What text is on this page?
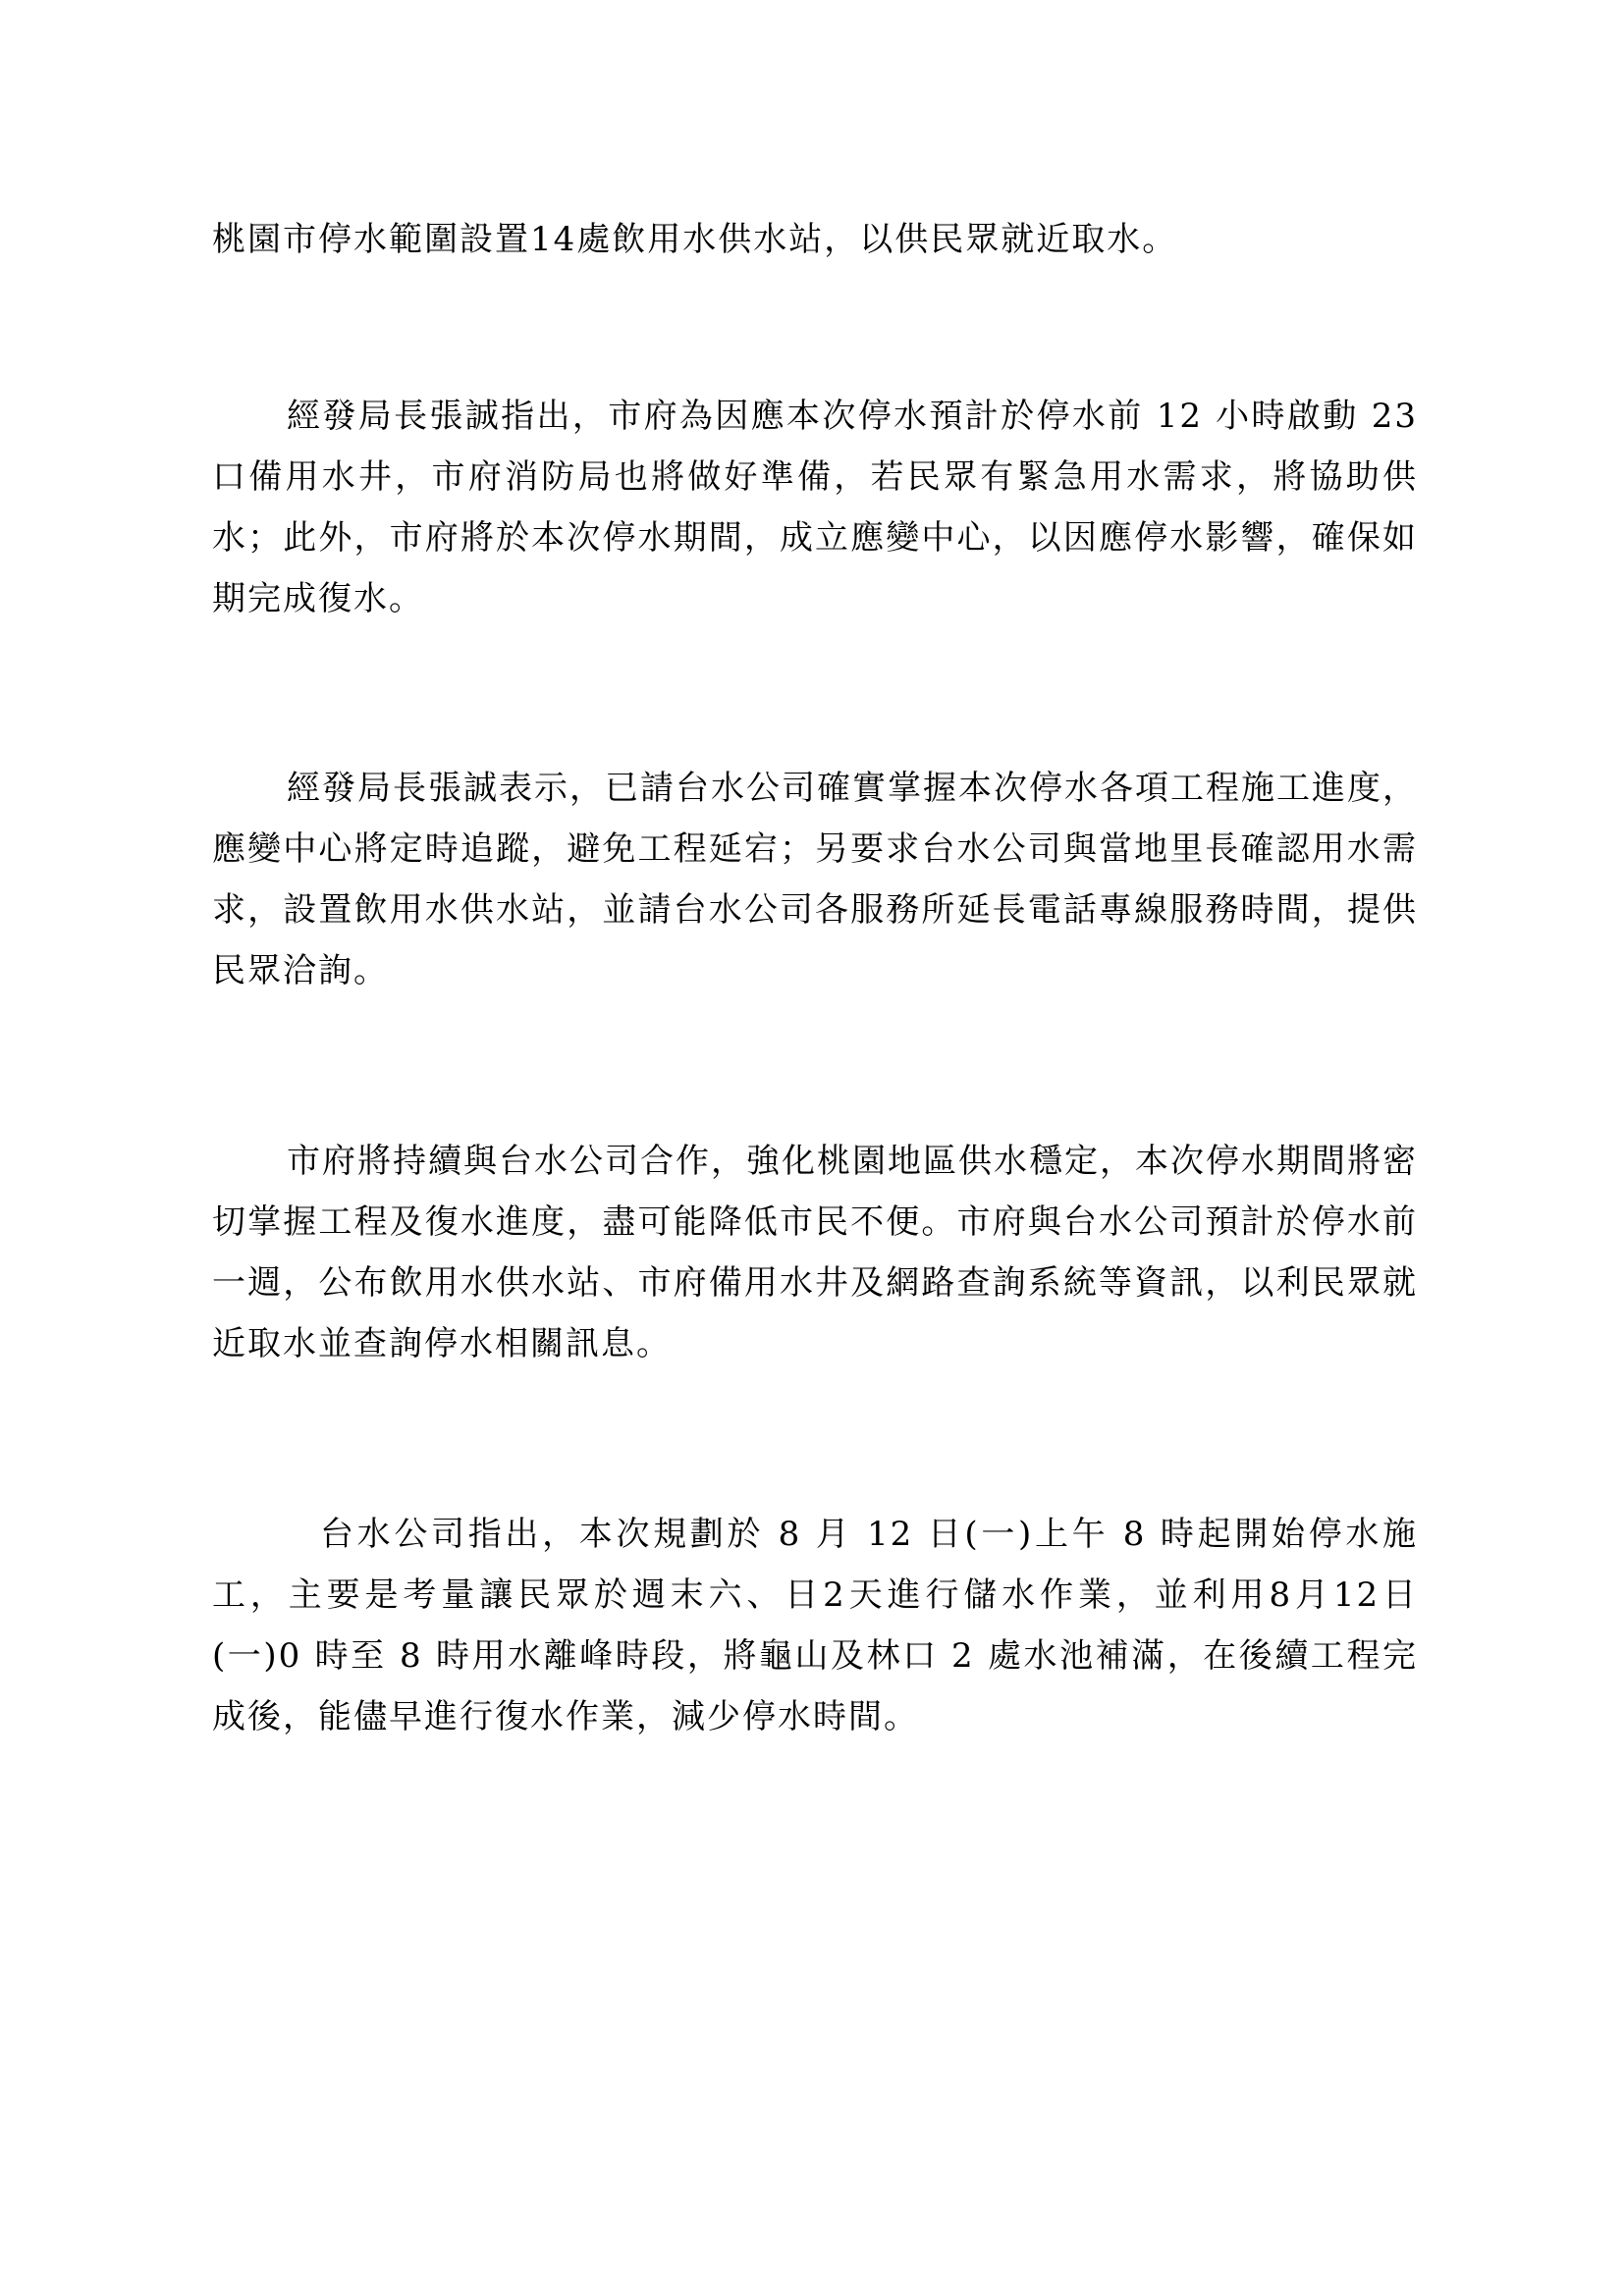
桃園市停水範圍設置14處飲用水供水站，以供民眾就近取水。

經發局長張誠指出，市府為因應本次停水預計於停水前 12 小時啟動 23口備用水井，市府消防局也將做好準備，若民眾有緊急用水需求，將協助供水；此外，市府將於本次停水期間，成立應變中心，以因應停水影響，確保如期完成復水。

經發局長張誠表示，已請台水公司確實掌握本次停水各項工程施工進度，應變中心將定時追蹤，避免工程延宕；另要求台水公司與當地里長確認用水需求，設置飲用水供水站，並請台水公司各服務所延長電話專線服務時間，提供民眾洽詢。

市府將持續與台水公司合作，強化桃園地區供水穩定，本次停水期間將密切掌握工程及復水進度，盡可能降低市民不便。市府與台水公司預計於停水前一週，公布飲用水供水站、市府備用水井及網路查詢系統等資訊，以利民眾就近取水並查詢停水相關訊息。

台水公司指出，本次規劃於 8 月 12 日(一)上午 8 時起開始停水施工，主要是考量讓民眾於週末六、日2天進行儲水作業，並利用8月12日(一)0 時至 8 時用水離峰時段，將龜山及林口 2 處水池補滿，在後續工程完成後，能儘早進行復水作業，減少停水時間。
